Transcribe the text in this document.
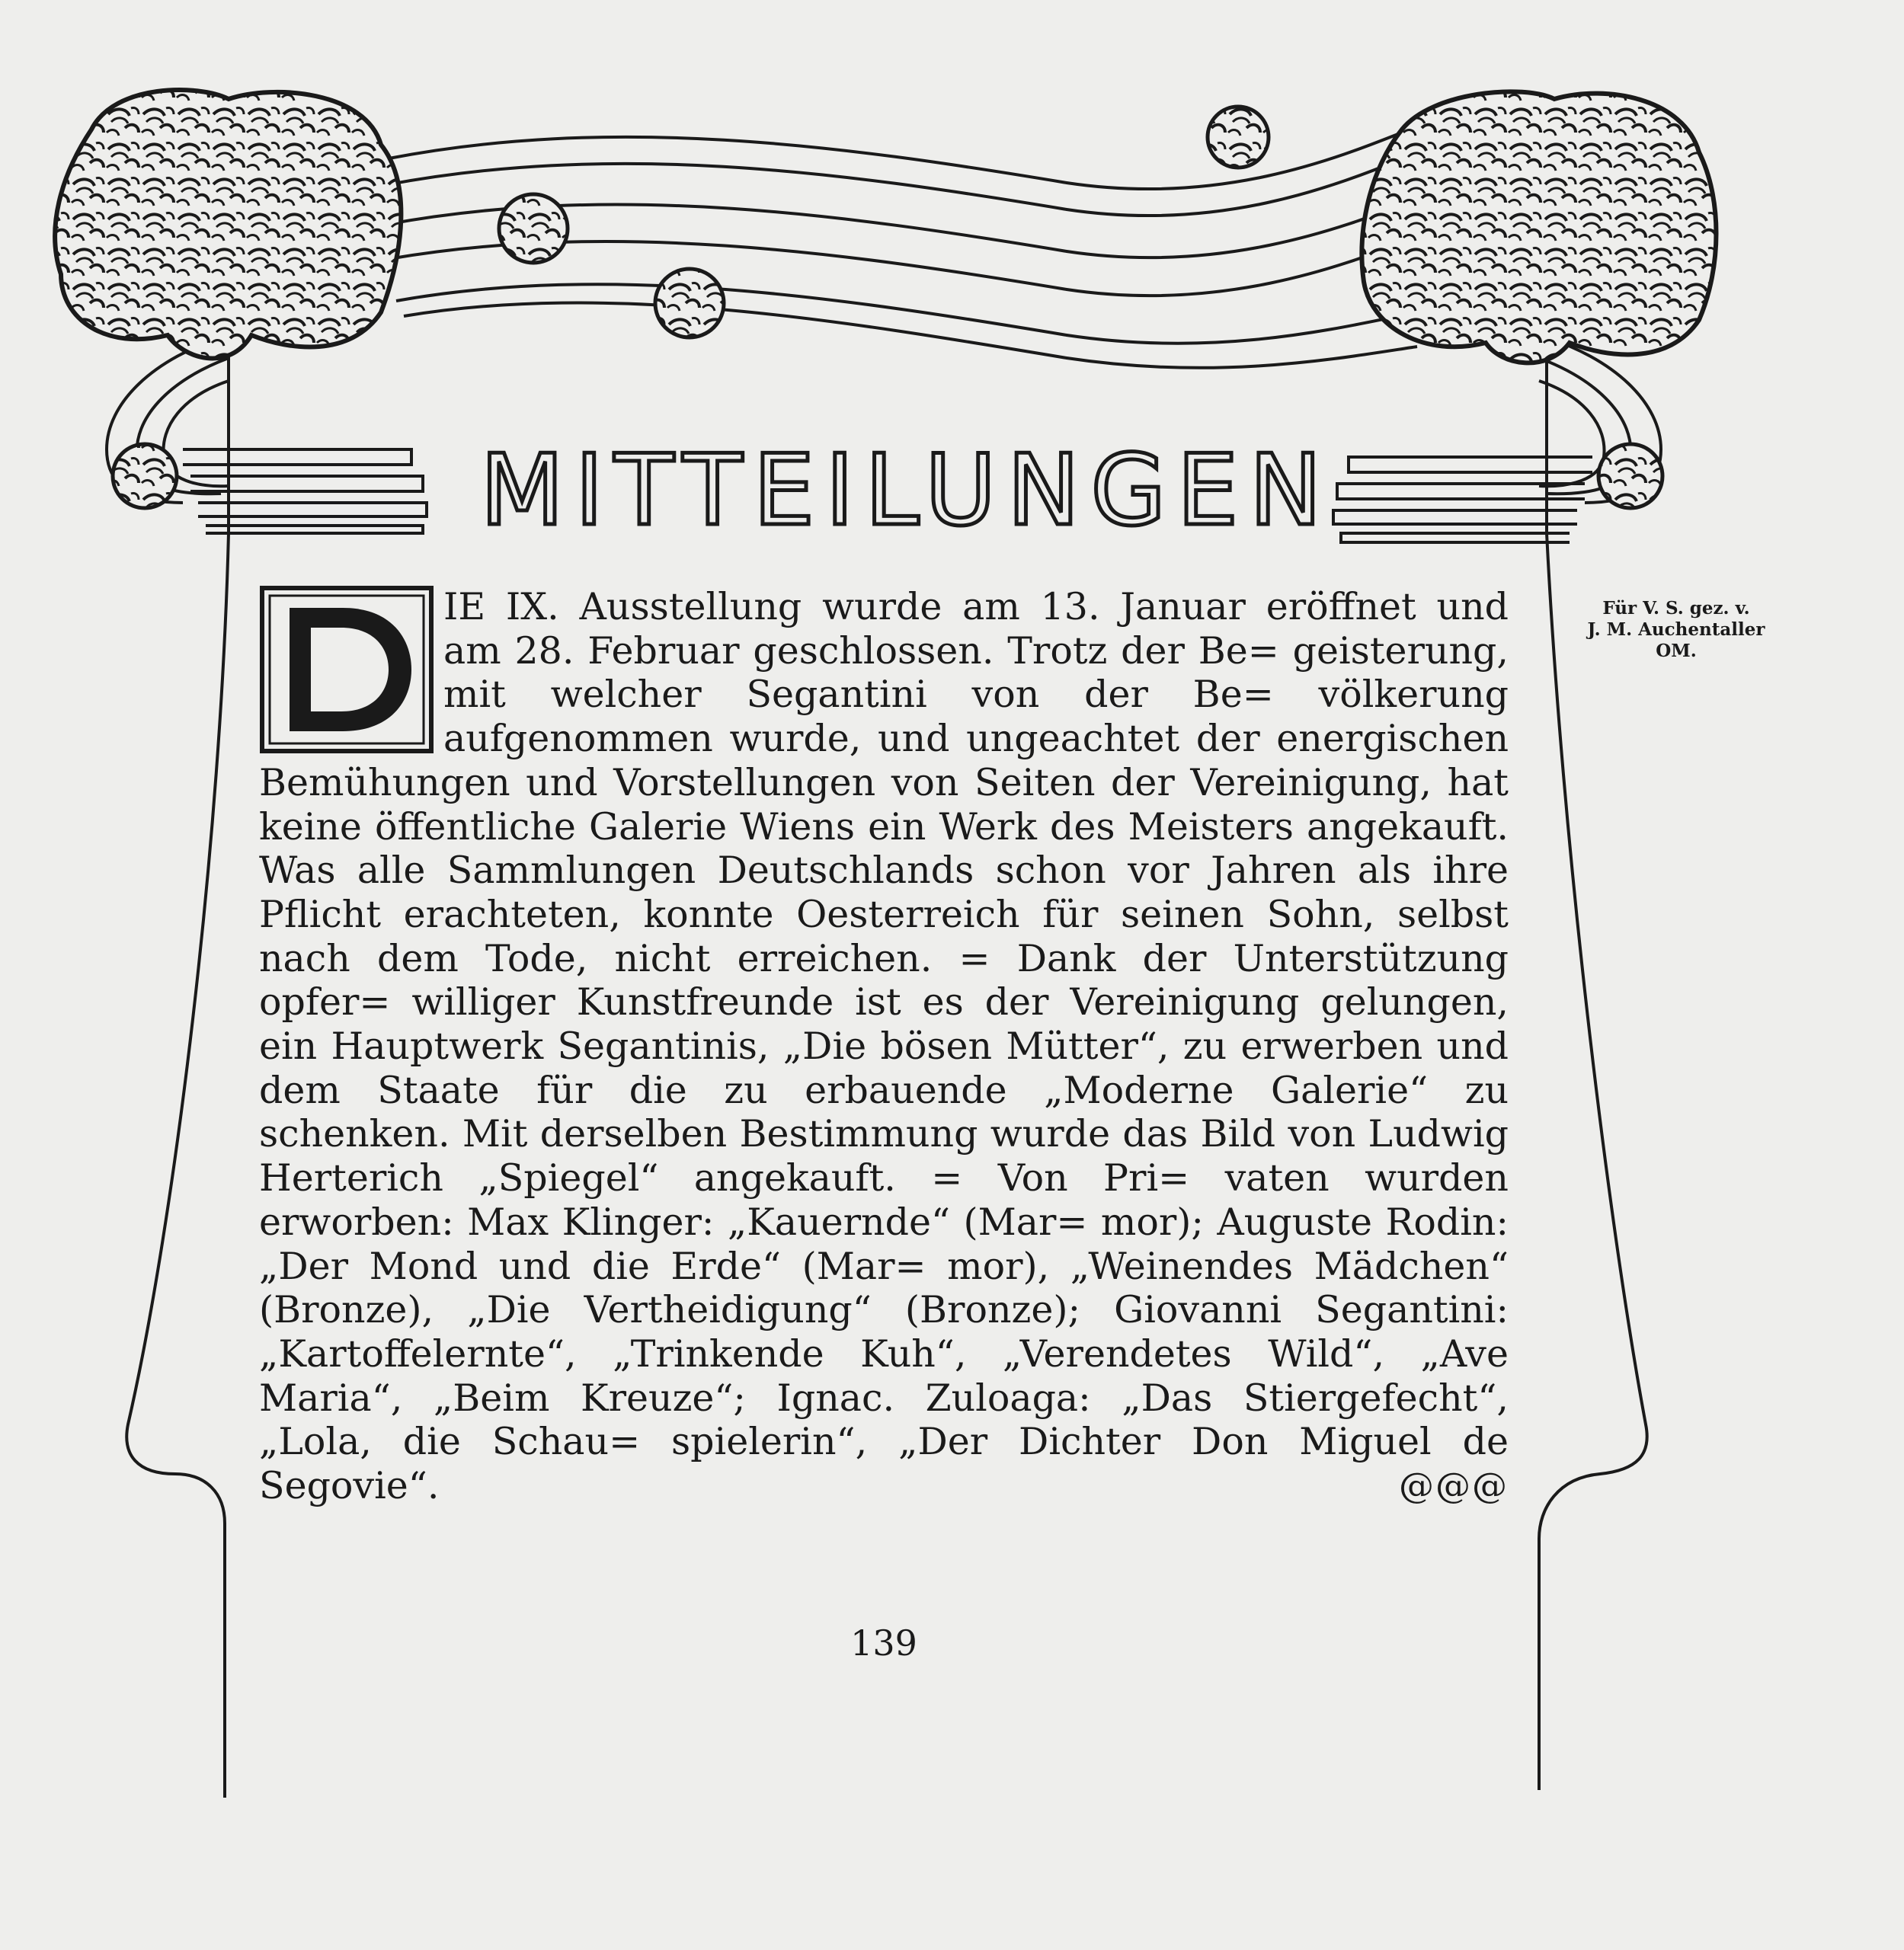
MITTEILUNGEN
IE IX. Ausstellung wurde am 13. Januar eröffnet und am 28. Februar geschlossen. Trotz der Be= geisterung, mit welcher Segantini von der Be= völkerung aufgenommen wurde, und ungeachtet der energischen Bemühungen und Vorstellungen von Seiten der Vereinigung, hat keine öffentliche Galerie Wiens ein Werk des Meisters angekauft. Was alle Sammlungen Deutschlands schon vor Jahren als ihre Pflicht erachteten, konnte Oesterreich für seinen Sohn, selbst nach dem Tode, nicht erreichen. = Dank der Unterstützung opfer= williger Kunstfreunde ist es der Vereinigung gelungen, ein Hauptwerk Segantinis, „Die bösen Mütter“, zu erwerben und dem Staate für die zu erbauende „Moderne Galerie“ zu schenken. Mit derselben Bestimmung wurde das Bild von Ludwig Herterich „Spiegel“ angekauft. = Von Pri= vaten wurden erworben: Max Klinger: „Kauernde“ (Mar= mor); Auguste Rodin: „Der Mond und die Erde“ (Mar= mor), „Weinendes Mädchen“ (Bronze), „Die Vertheidigung“ (Bronze); Giovanni Segantini: „Kartoffelernte“, „Trinkende Kuh“, „Verendetes Wild“, „Ave Maria“, „Beim Kreuze“; Ignac. Zuloaga: „Das Stiergefecht“, „Lola, die Schau= spielerin“, „Der Dichter Don Miguel de Segovie“.	@@@
Für V. S. gez. v.
J. M. Auchentaller
OM.
139
